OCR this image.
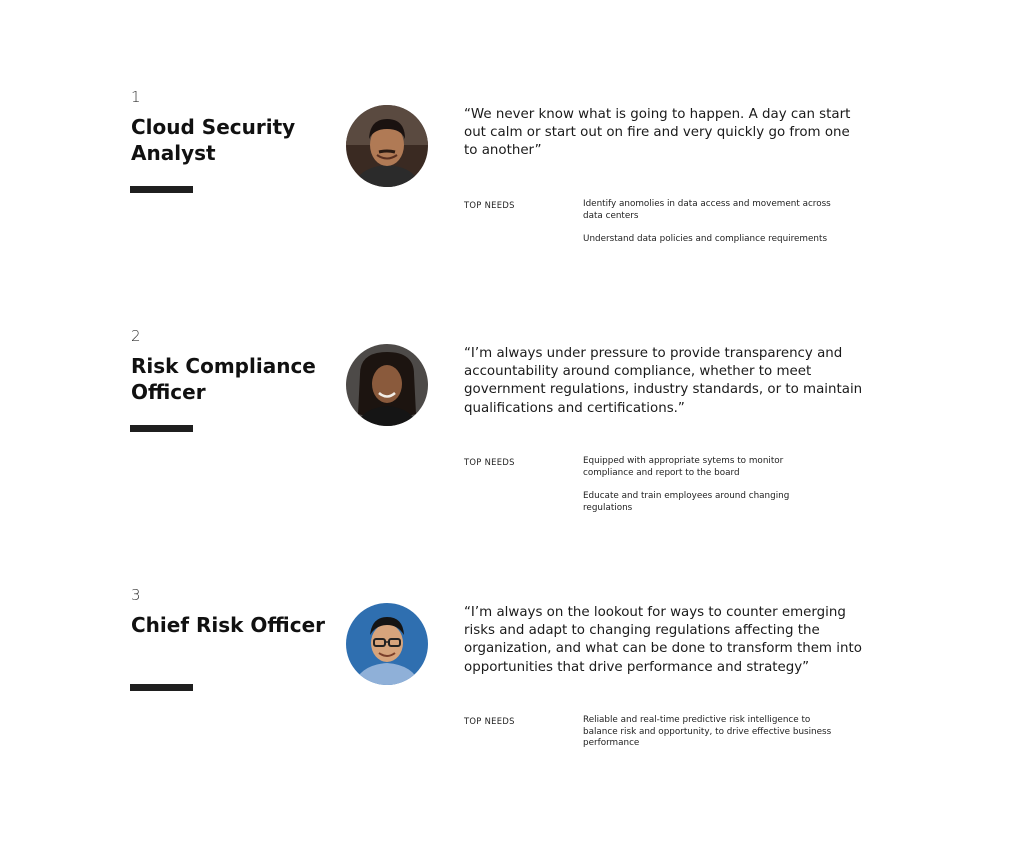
1
Cloud Security Analyst

“We never know what is going to happen. A day can start out calm or start out on fire and very quickly go from one to another”

TOP NEEDS	Identify anomolies in data access and movement across data centers
Understand data policies and compliance requirements
2
Risk Compliance Officer

“I’m always under pressure to provide transparency and accountability around compliance, whether to meet government regulations, industry standards, or to maintain qualifications and certifications.”

TOP NEEDS	Equipped with appropriate sytems to monitor compliance and report to the board
Educate and train employees around changing regulations
3
Chief Risk Officer

“I’m always on the lookout for ways to counter emerging risks and adapt to changing regulations affecting the organization, and what can be done to transform them into opportunities that drive performance and strategy”

TOP NEEDS	Reliable and real-time predictive risk intelligence to balance risk and opportunity, to drive effective business performance
